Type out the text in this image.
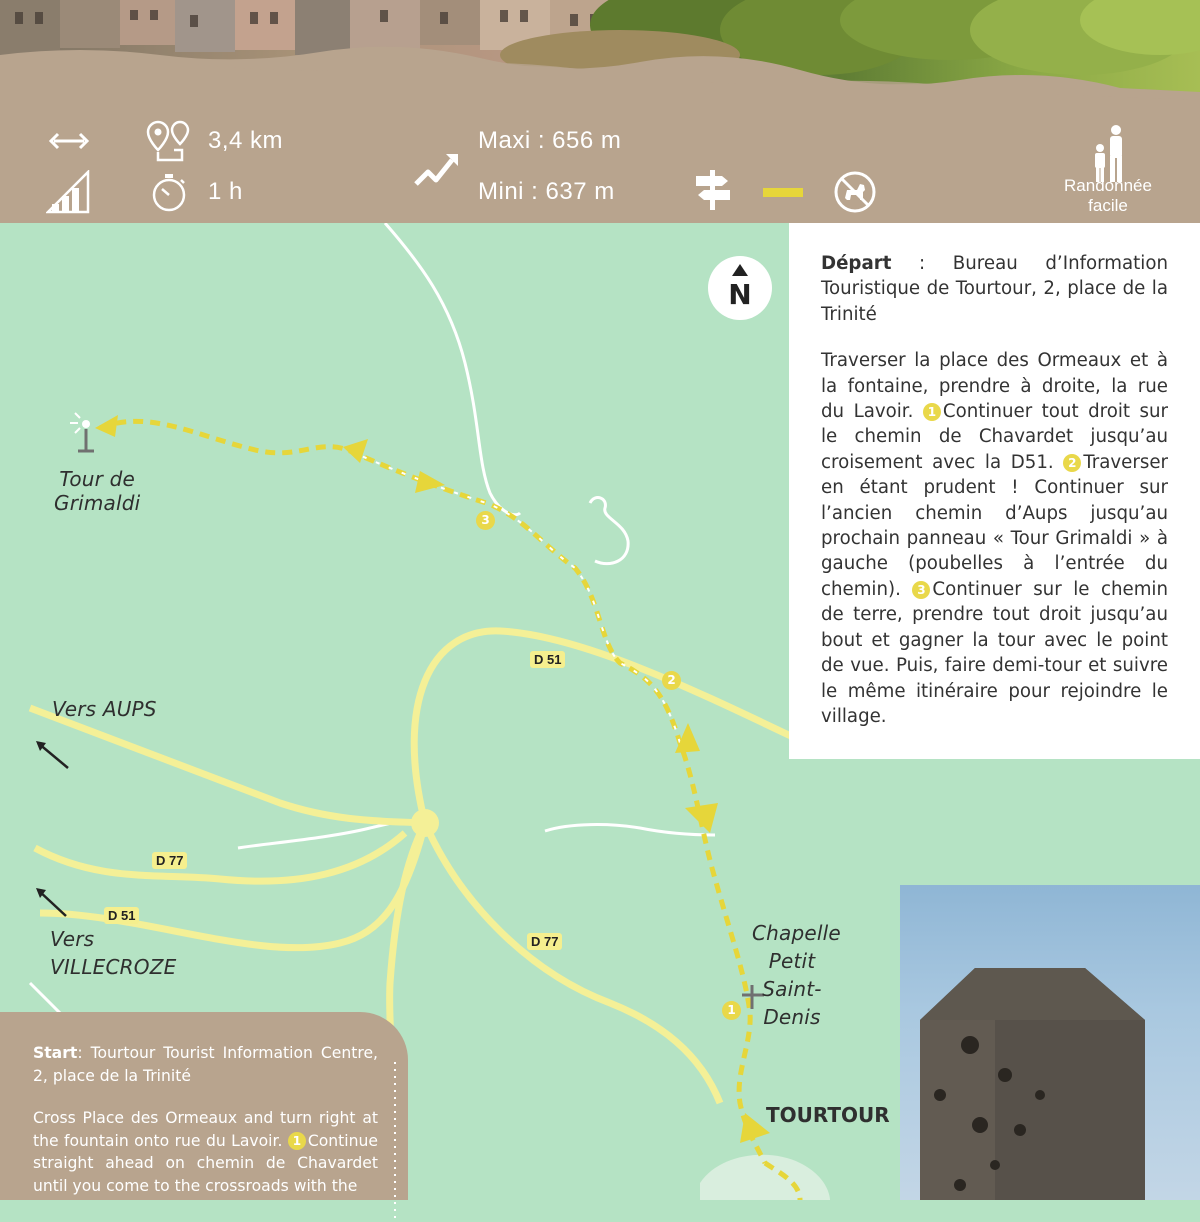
3,4 km
1 h
Maxi : 656 m
Mini : 637 m	Randonnée
facile
N
3
2
1
Tour de
Grimaldi
Vers AUPS
Vers
VILLECROZE
Chapelle
Petit
Saint-
Denis
TOURTOUR
D 51
D 77
D 51
D 77

Départ : Bureau d’Information Touristique de Tourtour, 2, place de la Trinité

Traverser la place des Ormeaux et à la fontaine, prendre à droite, la rue du Lavoir. 1 Continuer tout droit sur le chemin de Chavardet jusqu’au croisement avec la D51. 2 Traverser en étant prudent ! Continuer sur l’ancien chemin d’Aups jusqu’au prochain panneau « Tour Grimaldi » à gauche (poubelles à l’entrée du chemin). 3 Continuer sur le chemin de terre, prendre tout droit jusqu’au bout et gagner la tour avec le point de vue. Puis, faire demi-tour et suivre le même itinéraire pour rejoindre le village.

Start: Tourtour Tourist Information Centre, 2, place de la Trinité

Cross Place des Ormeaux and turn right at the fountain onto rue du Lavoir. 1 Continue straight ahead on chemin de Chavardet until you come to the crossroads with the
